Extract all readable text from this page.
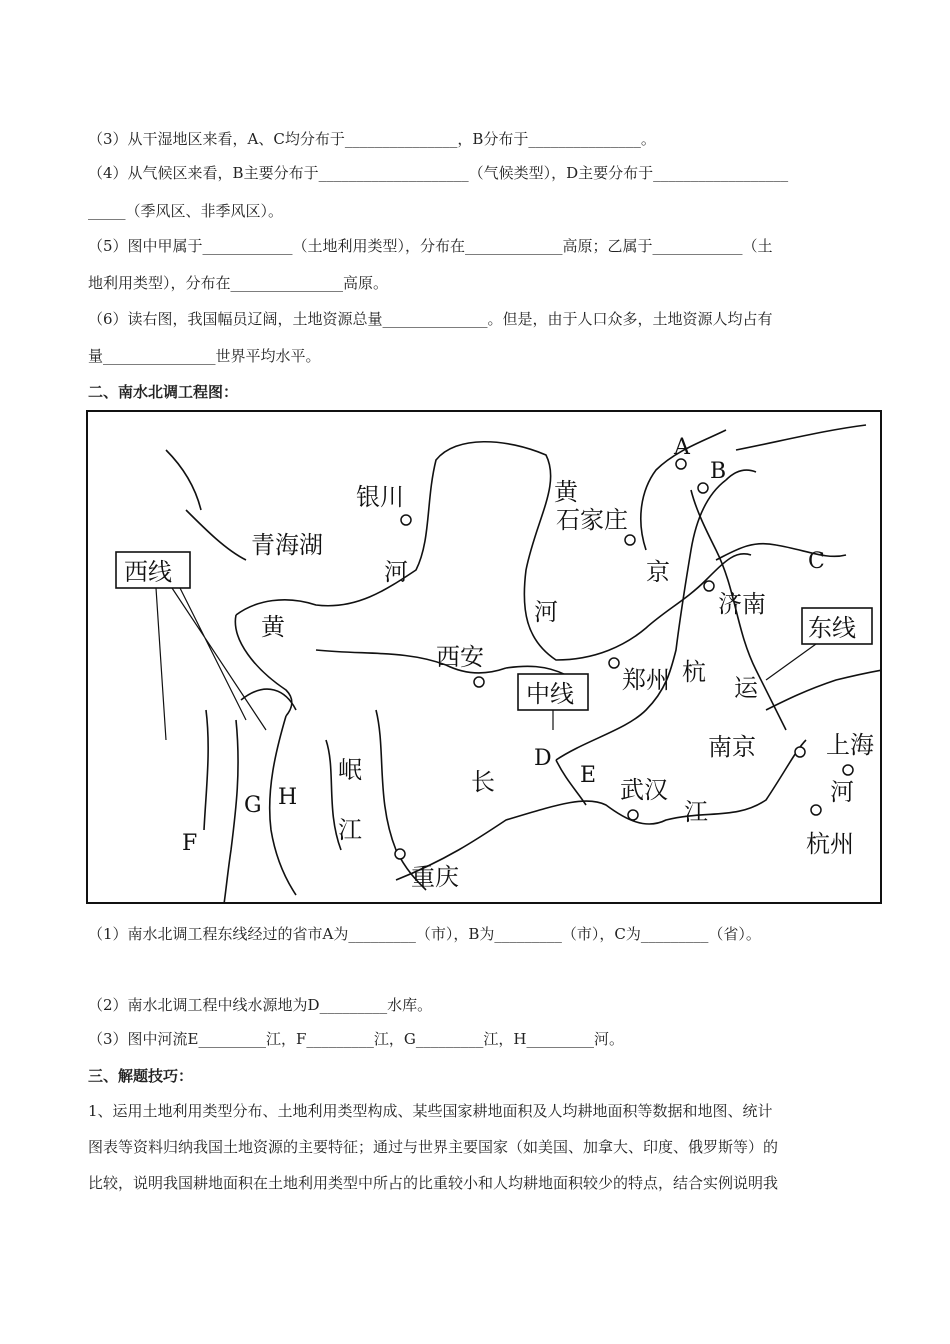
（3）从干湿地区来看，A、C均分布于_______________，B分布于_______________。
（4）从气候区来看，B主要分布于____________________（气候类型），D主要分布于__________________
_____（季风区、非季风区）。
（5）图中甲属于____________（土地利用类型），分布在_____________高原；乙属于____________（土
地利用类型），分布在_______________高原。
（6）读右图，我国幅员辽阔，土地资源总量______________。但是，由于人口众多，土地资源人均占有
量_______________世界平均水平。
二、南水北调工程图：
银川
青海湖
西线
黄
河
黄
石家庄
河
京
济南
东线
西安
中线 郑州 杭
运
南京	上海
河
岷
江
长	武汉
江
杭州
重庆
A
B
C
D
E
F
G H
（1）南水北调工程东线经过的省市A为_________（市），B为_________（市），C为_________（省）。
（2）南水北调工程中线水源地为D_________水库。
（3）图中河流E_________江，F_________江，G_________江，H_________河。
三、解题技巧：
1、运用土地利用类型分布、土地利用类型构成、某些国家耕地面积及人均耕地面积等数据和地图、统计
图表等资料归纳我国土地资源的主要特征；通过与世界主要国家（如美国、加拿大、印度、俄罗斯等）的
比较，说明我国耕地面积在土地利用类型中所占的比重较小和人均耕地面积较少的特点，结合实例说明我
